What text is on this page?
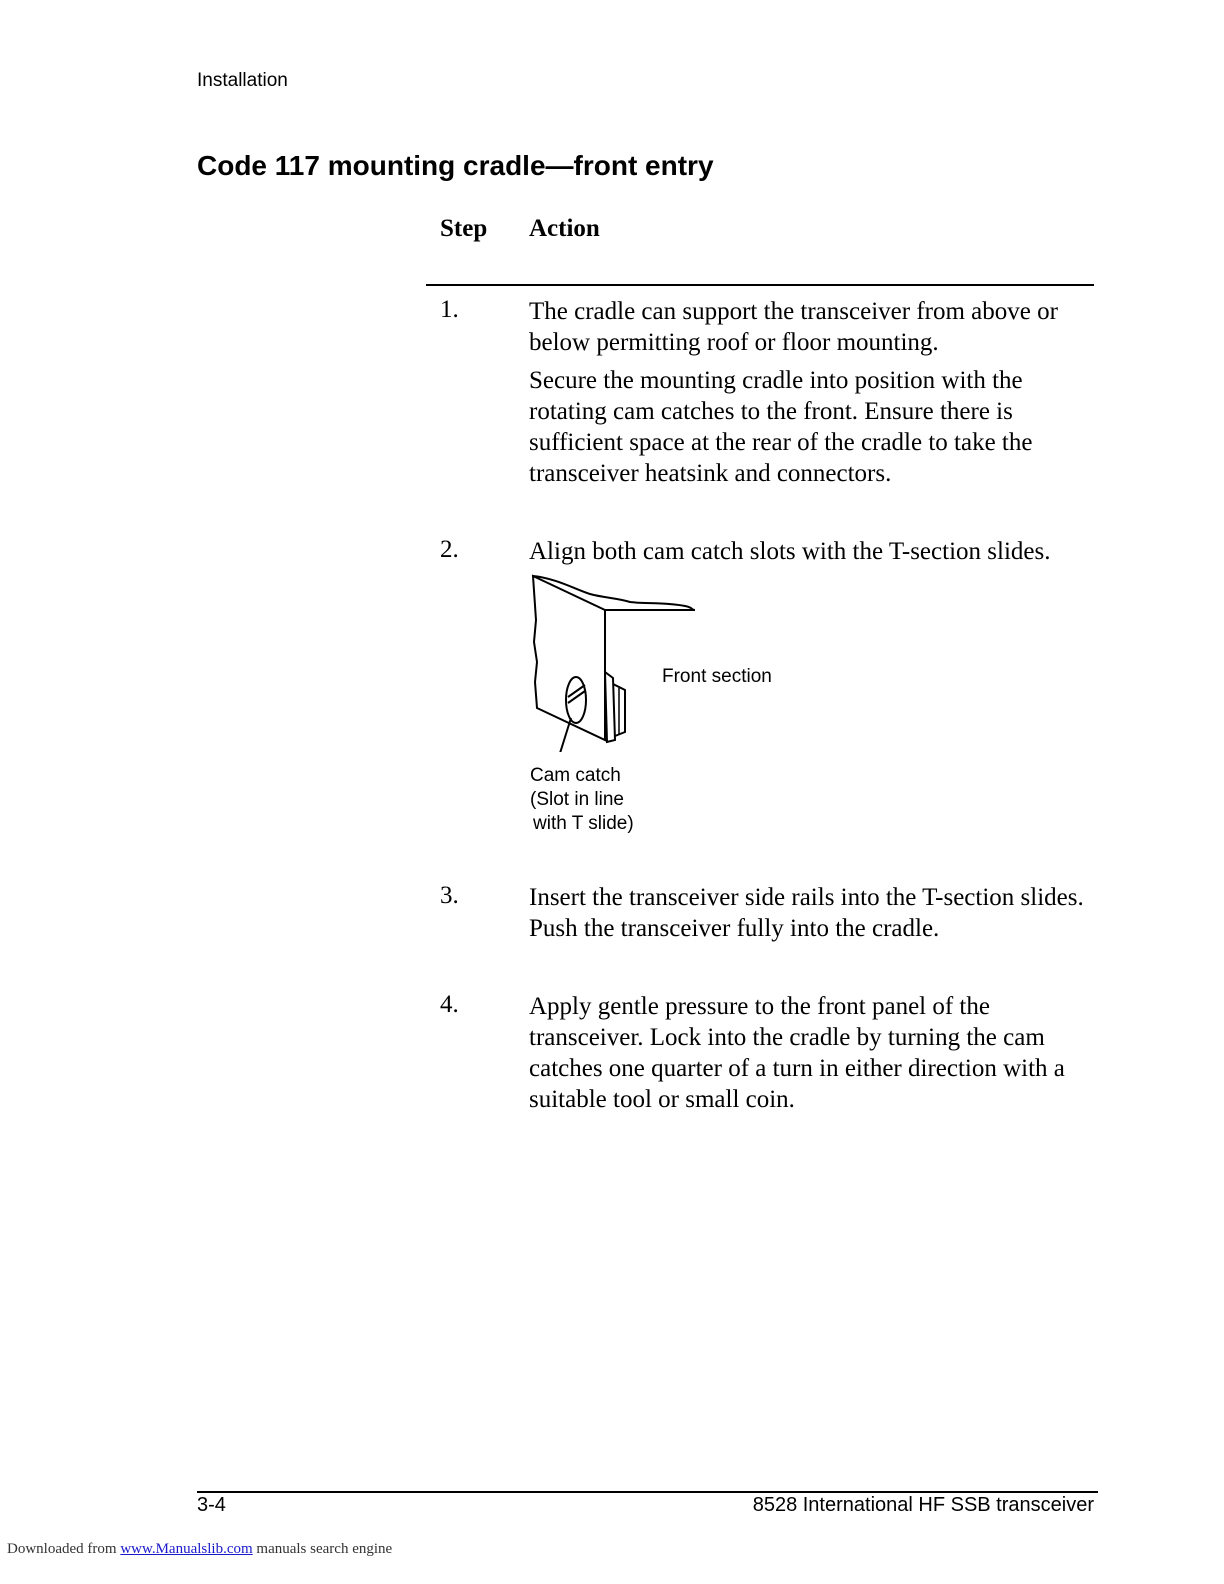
Installation
Code 117 mounting cradle—front entry
Step Action
1.	The cradle can support the transceiver from above or below permitting roof or floor mounting.

Secure the mounting cradle into position with the rotating cam catches to the front. Ensure there is sufficient space at the rear of the cradle to take the transceiver heatsink and connectors.

2.	Align both cam catch slots with the T-section slides.

Front section
Cam catch
(Slot in line
with T slide)
3.	Insert the transceiver side rails into the T-section slides. Push the transceiver fully into the cradle.

4.	Apply gentle pressure to the front panel of the transceiver. Lock into the cradle by turning the cam catches one quarter of a turn in either direction with a suitable tool or small coin.

3-4	8528 International HF SSB transceiver
Downloaded from www.Manualslib.com manuals search engine
